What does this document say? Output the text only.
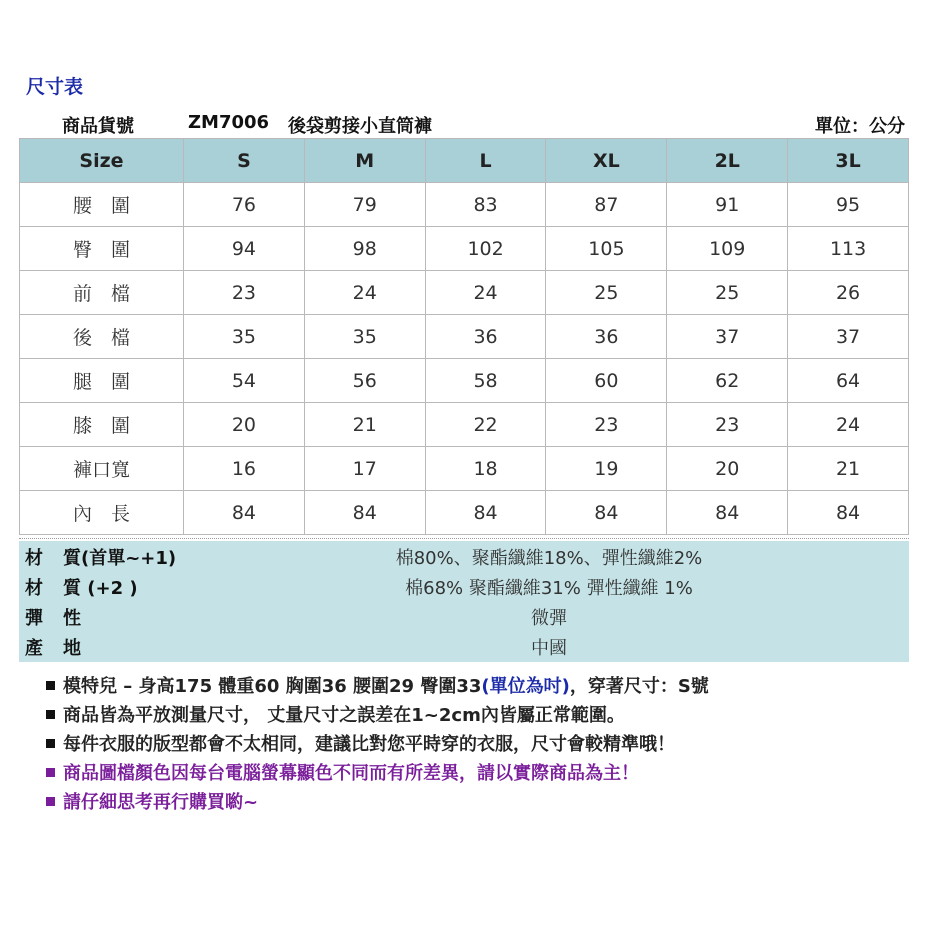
尺寸表
商品貨號	ZM7006 後袋剪接小直筒褲	單位：公分
Size	S	M	L	XL	2L	3L
腰　圍	76	79	83	87	91	95
臀　圍	94	98	102	105	109	113
前　檔	23	24	24	25	25	26
後　檔	35	35	36	36	37	37
腿　圍	54	56	58	60	62	64
膝　圍	20	21	22	23	23	24
褲口寬	16	17	18	19	20	21
內　長	84	84	84	84	84	84
材 質(首單~+1)	棉80%、聚酯纖維18%、彈性纖維2%
材 質 (+2 )	棉68% 聚酯纖維31% 彈性纖維 1%
彈 性	微彈
產 地	中國
模特兒 – 身高175 體重60 胸圍36 腰圍29 臀圍33(單位為吋)，穿著尺寸：S號
商品皆為平放測量尺寸， 丈量尺寸之誤差在1~2cm內皆屬正常範圍。
每件衣服的版型都會不太相同，建議比對您平時穿的衣服，尺寸會較精準哦！
商品圖檔顏色因每台電腦螢幕顯色不同而有所差異，請以實際商品為主！
請仔細思考再行購買喲~
